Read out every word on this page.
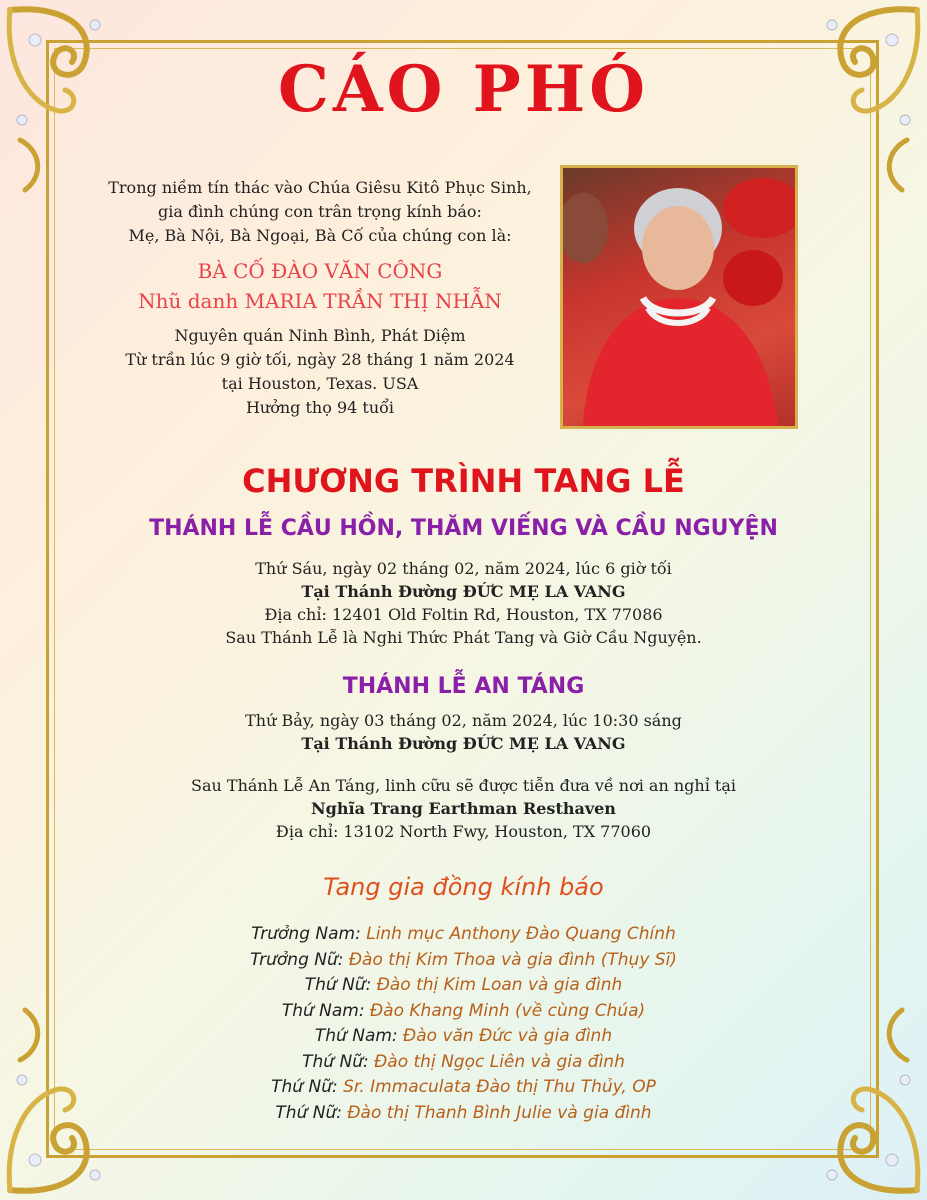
CÁO PHÓ
Trong niềm tín thác vào Chúa Giêsu Kitô Phục Sinh,
gia đình chúng con trân trọng kính báo:
Mẹ, Bà Nội, Bà Ngoại, Bà Cố của chúng con là:
BÀ CỐ ĐÀO VĂN CÔNG
Nhũ danh MARIA TRẦN THỊ NHẪN
Nguyên quán Ninh Bình, Phát Diệm
Từ trần lúc 9 giờ tối, ngày 28 tháng 1 năm 2024
tại Houston, Texas. USA
Hưởng thọ 94 tuổi
CHƯƠNG TRÌNH TANG LỄ
THÁNH LỄ CẦU HỒN, THĂM VIẾNG VÀ CẦU NGUYỆN
Thứ Sáu, ngày 02 tháng 02, năm 2024, lúc 6 giờ tối
Tại Thánh Đường ĐỨC MẸ LA VANG
Địa chỉ: 12401 Old Foltin Rd, Houston, TX 77086
Sau Thánh Lễ là Nghi Thức Phát Tang và Giờ Cầu Nguyện.
THÁNH LỄ AN TÁNG
Thứ Bảy, ngày 03 tháng 02, năm 2024, lúc 10:30 sáng
Tại Thánh Đường ĐỨC MẸ LA VANG
Sau Thánh Lễ An Táng, linh cữu sẽ được tiễn đưa về nơi an nghỉ tại
Nghĩa Trang Earthman Resthaven
Địa chỉ: 13102 North Fwy, Houston, TX 77060
Tang gia đồng kính báo
Trưởng Nam: Linh mục Anthony Đào Quang Chính
Trưởng Nữ: Đào thị Kim Thoa và gia đình (Thụy Sĩ)
Thứ Nữ: Đào thị Kim Loan và gia đình
Thứ Nam: Đào Khang Minh (về cùng Chúa)
Thứ Nam: Đào văn Đức và gia đình
Thứ Nữ: Đào thị Ngọc Liên và gia đình
Thứ Nữ: Sr. Immaculata Đào thị Thu Thủy, OP
Thứ Nữ: Đào thị Thanh Bình Julie và gia đình
